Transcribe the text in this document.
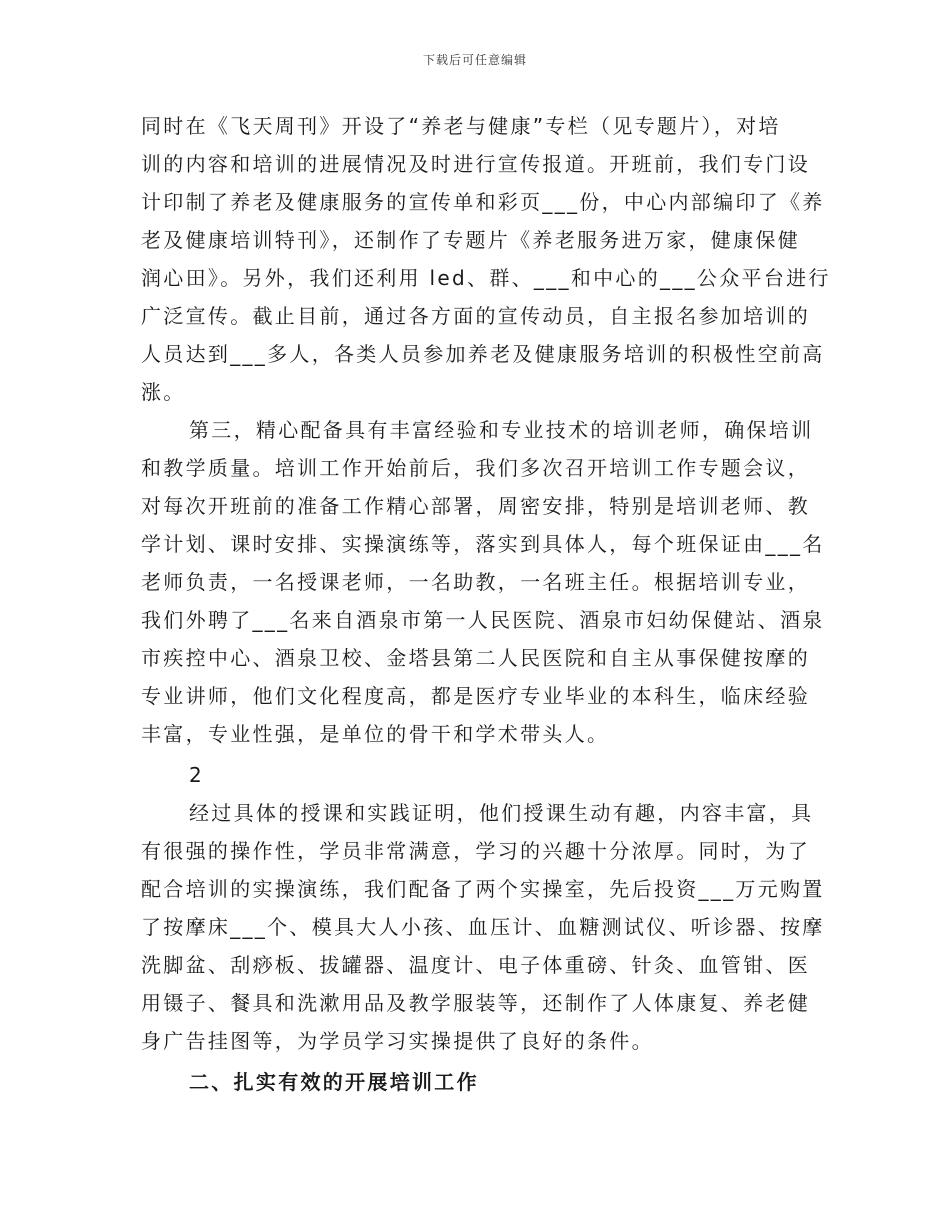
下载后可任意编辑
同时在《飞天周刊》开设了“养老与健康”专栏（见专题片），对培
训的内容和培训的进展情况及时进行宣传报道。开班前，我们专门设
计印制了养老及健康服务的宣传单和彩页___份，中心内部编印了《养
老及健康培训特刊》，还制作了专题片《养老服务进万家，健康保健
润心田》。另外，我们还利用 led、群、___和中心的___公众平台进行
广泛宣传。截止目前，通过各方面的宣传动员，自主报名参加培训的
人员达到___多人，各类人员参加养老及健康服务培训的积极性空前高
涨。
第三，精心配备具有丰富经验和专业技术的培训老师，确保培训
和教学质量。培训工作开始前后，我们多次召开培训工作专题会议，
对每次开班前的准备工作精心部署，周密安排，特别是培训老师、教
学计划、课时安排、实操演练等，落实到具体人，每个班保证由___名
老师负责，一名授课老师，一名助教，一名班主任。根据培训专业，
我们外聘了___名来自酒泉市第一人民医院、酒泉市妇幼保健站、酒泉
市疾控中心、酒泉卫校、金塔县第二人民医院和自主从事保健按摩的
专业讲师，他们文化程度高，都是医疗专业毕业的本科生，临床经验
丰富，专业性强，是单位的骨干和学术带头人。
2
经过具体的授课和实践证明，他们授课生动有趣，内容丰富，具
有很强的操作性，学员非常满意，学习的兴趣十分浓厚。同时，为了
配合培训的实操演练，我们配备了两个实操室，先后投资___万元购置
了按摩床___个、模具大人小孩、血压计、血糖测试仪、听诊器、按摩
洗脚盆、刮痧板、拔罐器、温度计、电子体重磅、针灸、血管钳、医
用镊子、餐具和洗漱用品及教学服装等，还制作了人体康复、养老健
身广告挂图等，为学员学习实操提供了良好的条件。
二、扎实有效的开展培训工作
